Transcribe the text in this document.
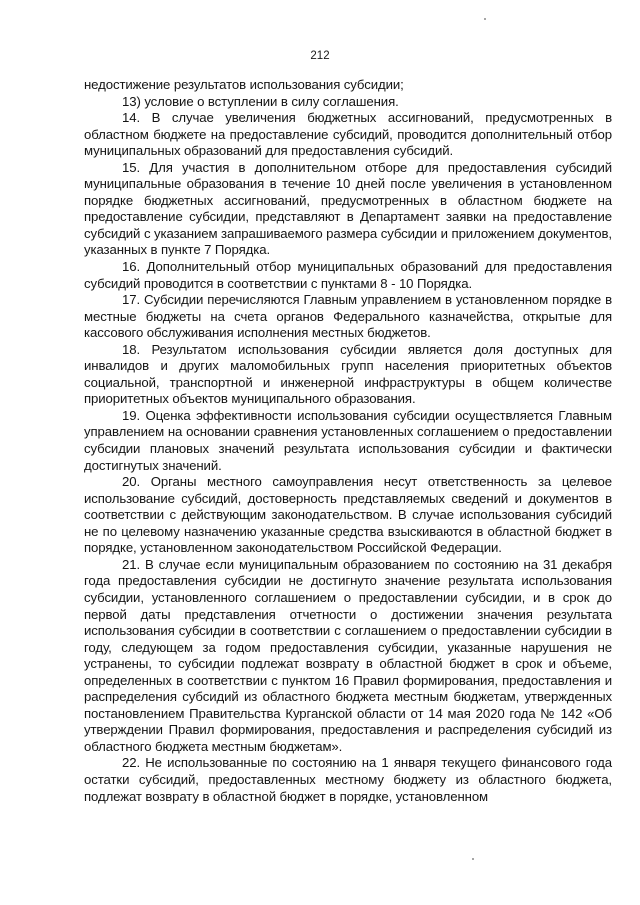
212

недостижение результатов использования субсидии;

13) условие о вступлении в силу соглашения.

14. В случае увеличения бюджетных ассигнований, предусмотренных в областном бюджете на предоставление субсидий, проводится дополнительный отбор муниципальных образований для предоставления субсидий.

15. Для участия в дополнительном отборе для предоставления субсидий муниципальные образования в течение 10 дней после увеличения в установленном порядке бюджетных ассигнований, предусмотренных в областном бюджете на предоставление субсидии, представляют в Департамент заявки на предоставление субсидий с указанием запрашиваемого размера субсидии и приложением документов, указанных в пункте 7 Порядка.

16. Дополнительный отбор муниципальных образований для предоставления субсидий проводится в соответствии с пунктами 8 - 10 Порядка.

17. Субсидии перечисляются Главным управлением в установленном порядке в местные бюджеты на счета органов Федерального казначейства, открытые для кассового обслуживания исполнения местных бюджетов.

18. Результатом использования субсидии является доля доступных для инвалидов и других маломобильных групп населения приоритетных объектов социальной, транспортной и инженерной инфраструктуры в общем количестве приоритетных объектов муниципального образования.

19. Оценка эффективности использования субсидии осуществляется Главным управлением на основании сравнения установленных соглашением о предоставлении субсидии плановых значений результата использования субсидии и фактически достигнутых значений.

20. Органы местного самоуправления несут ответственность за целевое использование субсидий, достоверность представляемых сведений и документов в соответствии с действующим законодательством. В случае использования субсидий не по целевому назначению указанные средства взыскиваются в областной бюджет в порядке, установленном законодательством Российской Федерации.

21. В случае если муниципальным образованием по состоянию на 31 декабря года предоставления субсидии не достигнуто значение результата использования субсидии, установленного соглашением о предоставлении субсидии, и в срок до первой даты представления отчетности о достижении значения результата использования субсидии в соответствии с соглашением о предоставлении субсидии в году, следующем за годом предоставления субсидии, указанные нарушения не устранены, то субсидии подлежат возврату в областной бюджет в срок и объеме, определенных в соответствии с пунктом 16 Правил формирования, предоставления и распределения субсидий из областного бюджета местным бюджетам, утвержденных постановлением Правительства Курганской области от 14 мая 2020 года № 142 «Об утверждении Правил формирования, предоставления и распределения субсидий из областного бюджета местным бюджетам».

22. Не использованные по состоянию на 1 января текущего финансового года остатки субсидий, предоставленных местному бюджету из областного бюджета, подлежат возврату в областной бюджет в порядке, установленном
